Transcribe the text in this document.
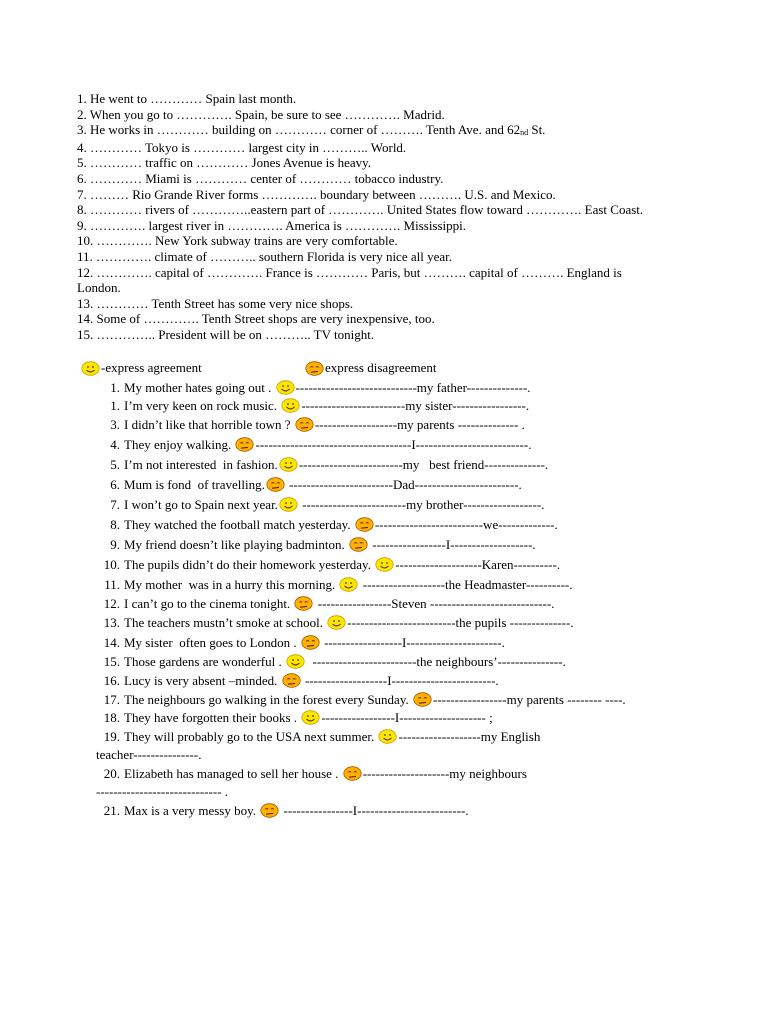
1. He went to ………… Spain last month.
2. When you go to …………. Spain, be sure to see …………. Madrid.
3. He works in ………… building on ………… corner of ………. Tenth Ave. and $62_{nd}$ St.
4. ………… Tokyo is ………… largest city in ……….. World.
5. ………… traffic on ………… Jones Avenue is heavy.
6. ………… Miami is ………… center of ………… tobacco industry.
7. ……… Rio Grande River forms …………. boundary between ………. U.S. and Mexico.
8. ………… rivers of …………..eastern part of …………. United States flow toward …………. East Coast.
9. …………. largest river in …………. America is …………. Mississippi.
10. …………. New York subway trains are very comfortable.
11. …………. climate of ……….. southern Florida is very nice all year.
12. …………. capital of …………. France is ………… Paris, but ………. capital of ………. England is
London.
13. ………… Tenth Street has some very nice shops.
14. Some of …………. Tenth Street shops are very inexpensive, too.
15. ………….. President will be on ……….. TV tonight.
-express agreement	express disagreement
1. My mother hates going out . ----------------------------my father--------------.
1. I’m very keen on rock music. ------------------------my sister-----------------.
3. I didn’t like that horrible town ? -------------------my parents -------------- .
4. They enjoy walking. ------------------------------------I--------------------------.
5. I’m not interested  in fashion. ------------------------my   best friend--------------.
6. Mum is fond  of travelling. ------------------------Dad------------------------.
7. I won’t go to Spain next year. ------------------------my brother------------------.
8. They watched the football match yesterday. -------------------------we-------------.
9. My friend doesn’t like playing badminton. -----------------I-------------------.
10. The pupils didn’t do their homework yesterday. --------------------Karen----------.
11. My mother  was in a hurry this morning. -------------------the Headmaster----------.
12. I can’t go to the cinema tonight. -----------------Steven ----------------------------.
13. The teachers mustn’t smoke at school. -------------------------the pupils --------------.
14. My sister  often goes to London . ------------------I----------------------.
15. Those gardens are wonderful . ------------------------the neighbours’---------------.
16. Lucy is very absent –minded. -------------------I------------------------.
17. The neighbours go walking in the forest every Sunday. -----------------my parents -------- ----.
18. They have forgotten their books . -----------------I-------------------- ;
19. They will probably go to the USA next summer. -------------------my English
teacher---------------.
20. Elizabeth has managed to sell her house . --------------------my neighbours
----------------------------- .
21. Max is a very messy boy. ----------------I-------------------------.
